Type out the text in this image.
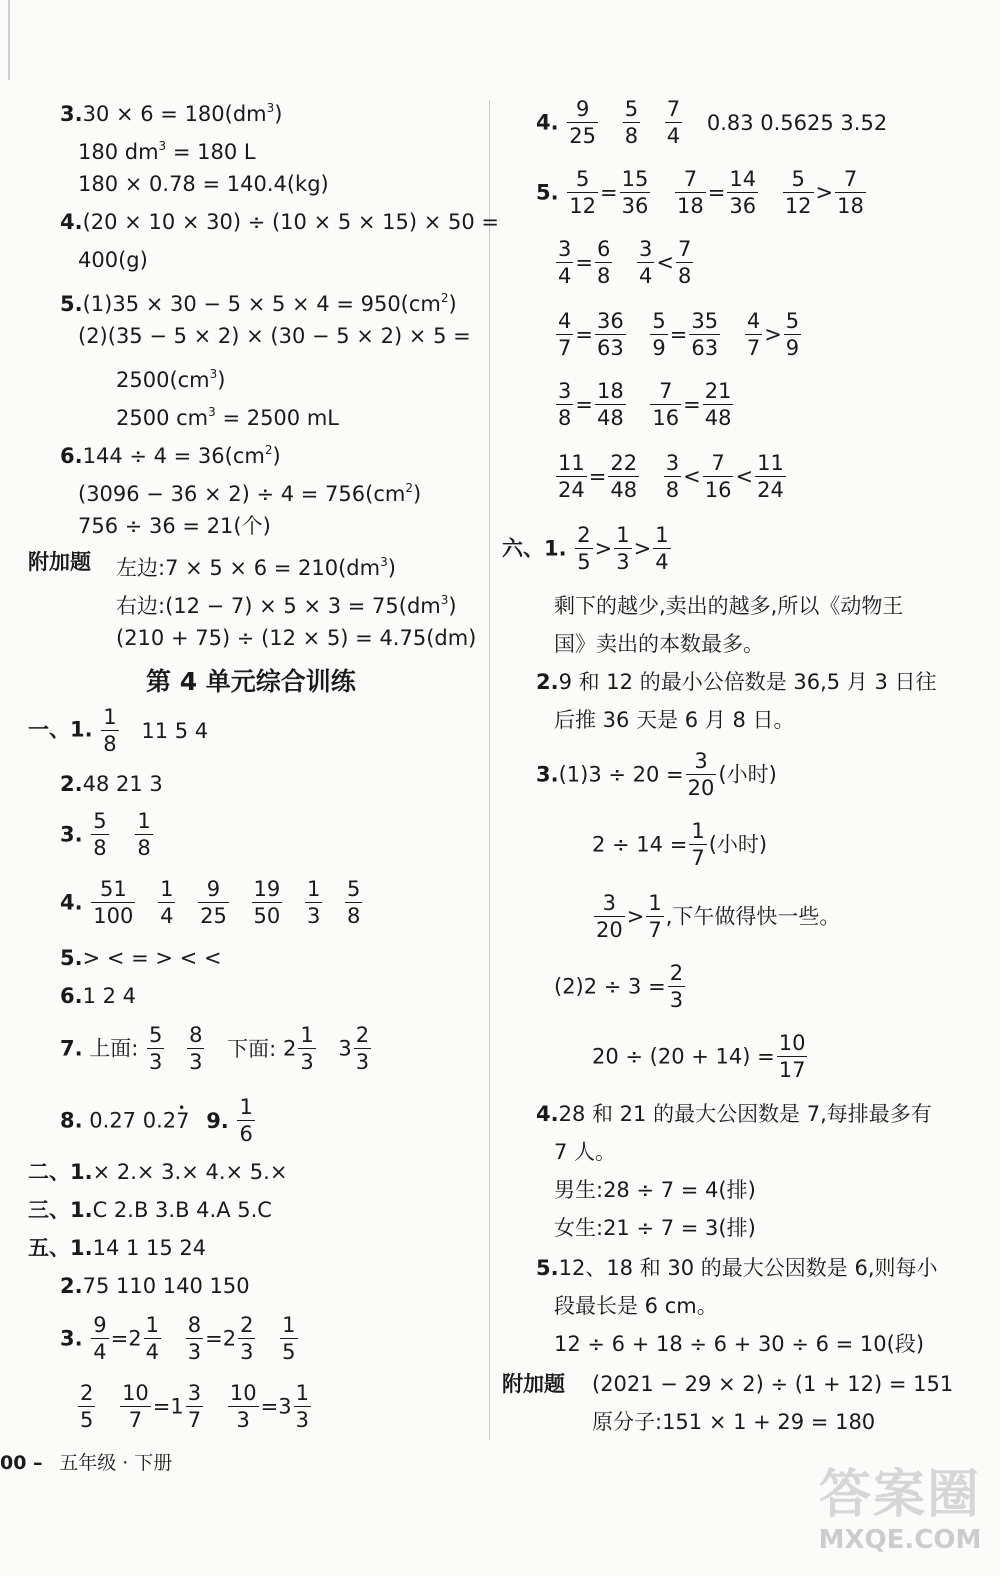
$3.30 \times 6 = 180(dm^3)$
180 $dm^3 = 180$ L
180 × 0.78 = 140.4(kg)
4.(20 × 10 × 30) ÷ (10 × 5 × 15) × 50 =
400(g)
$5.(1)35 \times 30 - 5 \times 5 \times 4 = 950(cm^2)$
(2)(35 − 5 × 2) × (30 − 5 × 2) × 5 =
$2500(cm^3)$
2500 $cm^3 = 2500$ mL
$6.144 \div 4 = 36(cm^2)$
$(3096 - 36 \times 2) \div 4 = 756(cm^2)$
756 ÷ 36 = 21(个)
附加题 左边:7 × $5 \times 6 = 210(dm^3)$
右边:(12 − $7) \times 5 \times 3 = 75(dm^3)$
(210 + 75) ÷ (12 × 5) = 4.75(dm)
第 4 单元综合训练
一、1. $\frac{1}{8} 11$ 5 4
2.48 21 3
3. $\frac{5}{8}$
$\frac{1}{8}$
4. $\frac{51}{100}$
$\frac{1}{4}$
$\frac{9}{25}$
$\frac{19}{50}$
$\frac{1}{3}$
$\frac{5}{8}$
5.> < = > < <
6.1 2 4
7. 上面: $\frac{5}{3}$
$\frac{8}{3}$ 下面: $2 \frac{1}{3} 3 \frac{2}{3}$
8. 0.27 0.2• 7 9. $\frac{1}{6}$
二、1.× 2.× 3.× 4.× 5.×
三、1.C 2.B 3.B 4.A 5.C
五、1.14 1 15 24
2.75 110 140 150
3. $\frac{9}{4} =2 \frac{1}{4}$
$\frac{8}{3} =2 \frac{2}{3}$
$\frac{1}{5}$
$\frac{2}{5}$
$\frac{10}{7} =1 \frac{3}{7}$
$\frac{10}{3} =3 \frac{1}{3}$
4. $\frac{9}{25}$
$\frac{5}{8}$
$\frac{7}{4} 0.83$ 0.5625 3.52
5. $\frac{5}{12} = \frac{15}{36}$
$\frac{7}{18} = \frac{14}{36}$
$\frac{5}{12} > \frac{7}{18}$
$\frac{3}{4} = \frac{6}{8}$
$\frac{3}{4} < \frac{7}{8}$
$\frac{4}{7} = \frac{36}{63}$
$\frac{5}{9} = \frac{35}{63}$
$\frac{4}{7} > \frac{5}{9}$
$\frac{3}{8} = \frac{18}{48}$
$\frac{7}{16} = \frac{21}{48}$
$\frac{11}{24} = \frac{22}{48}$
$\frac{3}{8} < \frac{7}{16} < \frac{11}{24}$
六、1. $\frac{2}{5} > \frac{1}{3} > \frac{1}{4}$
剩下的越少,卖出的越多,所以《动物王
国》卖出的本数最多。
2.9 和 12 的最小公倍数是 36,5 月 3 日往
后推 36 天是 6 月 8 日。
$3.(1)3 \div 20 = \frac{3}{20}$ (小时)
$2 \div 14 = \frac{1}{7}$ (小时)
$\frac{3}{20} > \frac{1}{7}$ ,下午做得快一些。
$(2)2 \div 3 = \frac{2}{3}$
$20 \div (20 + 14) = \frac{10}{17}$
4.28 和 21 的最大公因数是 7,每排最多有
7 人。
男生:28 ÷ 7 = 4(排)
女生:21 ÷ 7 = 3(排)
5.12、18 和 30 的最大公因数是 6,则每小
段最长是 6 cm。
12 ÷ 6 + 18 ÷ 6 + 30 ÷ 6 = 10(段)
附加题 (2021 − 29 × 2) ÷ (1 + 12) = 151
原分子:151 × 1 + 29 = 180
00 – 五年级 · 下册
答案圈
MXQE.COM
